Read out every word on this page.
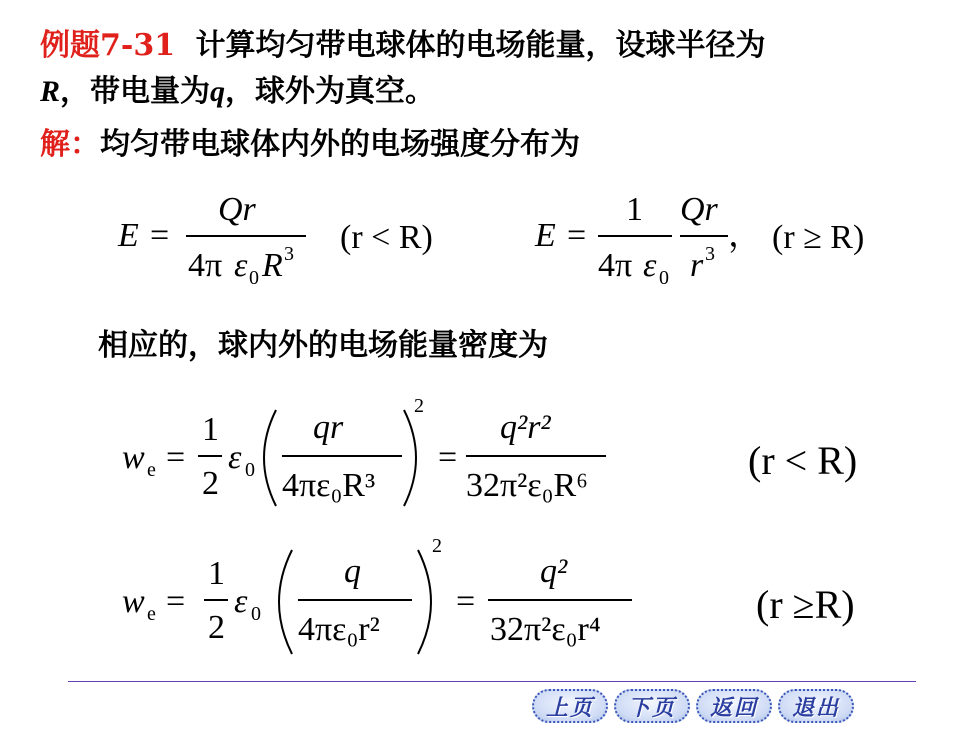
例题7-31 计算均匀带电球体的电场能量，设球半径为
R，带电量为q，球外为真空。
解：均匀带电球体内外的电场强度分布为
E =
Qr
4π ε 0 R 3 (r < R)	E =
1
4π ε 0
Qr
r 3 ， (r ≥ R)
相应的，球内外的电场能量密度为
w e =
1
2
ε 0
qr
4πε₀R³
2
=
q²r²
32π²ε₀R⁶
(r < R)
w e =
1
2
ε 0
q
4πε₀r²
2
=
q²
32π²ε₀r⁴
(r ≥R)
上页	下页	返回	退出
